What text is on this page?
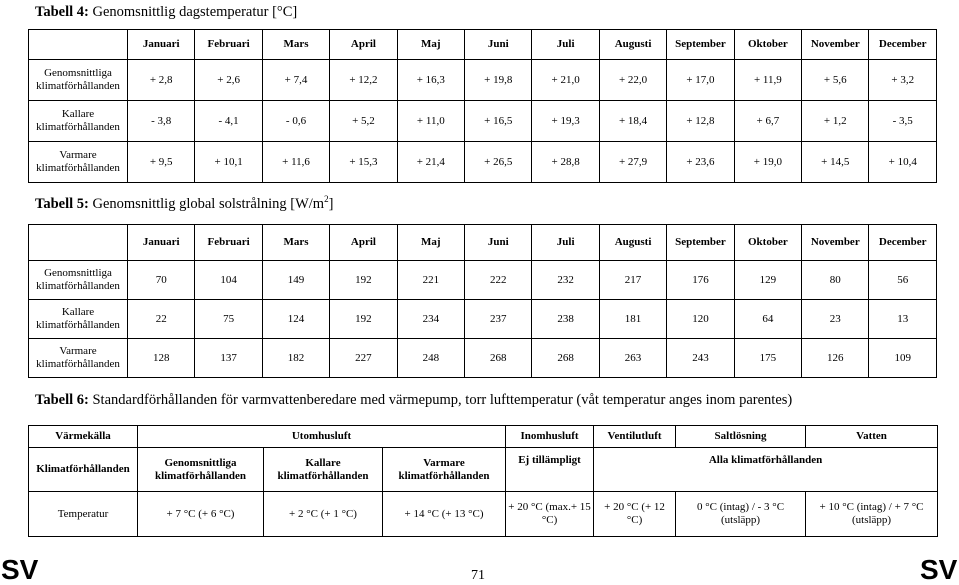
Tabell 4: Genomsnittlig dagstemperatur [°C]
	Januari	Februari	Mars	April	Maj	Juni	Juli	Augusti	September	Oktober	November	December
Genomsnittliga klimatförhållanden	+ 2,8	+ 2,6	+ 7,4	+ 12,2	+ 16,3	+ 19,8	+ 21,0	+ 22,0	+ 17,0	+ 11,9	+ 5,6	+ 3,2
Kallare klimatförhållanden	- 3,8	- 4,1	- 0,6	+ 5,2	+ 11,0	+ 16,5	+ 19,3	+ 18,4	+ 12,8	+ 6,7	+ 1,2	- 3,5
Varmare klimatförhållanden	+ 9,5	+ 10,1	+ 11,6	+ 15,3	+ 21,4	+ 26,5	+ 28,8	+ 27,9	+ 23,6	+ 19,0	+ 14,5	+ 10,4
Tabell 5: Genomsnittlig global solstrålning $[W/m^2]$
	Januari	Februari	Mars	April	Maj	Juni	Juli	Augusti	September	Oktober	November	December
Genomsnittliga klimatförhållanden	70	104	149	192	221	222	232	217	176	129	80	56
Kallare klimatförhållanden	22	75	124	192	234	237	238	181	120	64	23	13
Varmare klimatförhållanden	128	137	182	227	248	268	268	263	243	175	126	109
Tabell 6: Standardförhållanden för varmvattenberedare med värmepump, torr lufttemperatur (våt temperatur anges inom parentes)
Värmekälla	Utomhusluft			Inomhusluft	Ventilutluft	Saltlösning	Vatten
Klimatförhållanden	Genomsnittliga klimatförhållanden	Kallare klimatförhållanden	Varmare klimatförhållanden	Ej tillämpligt	Alla klimatförhållanden		
Temperatur	+ 7 °C (+ 6 °C)	+ 2 °C (+ 1 °C)	+ 14 °C (+ 13 °C)	+ 20 °C (max.+ 15 °C)	+ 20 °C (+ 12 °C)	0 °C (intag) / - 3 °C (utsläpp)	+ 10 °C (intag) / + 7 °C (utsläpp)
SV	71	SV
